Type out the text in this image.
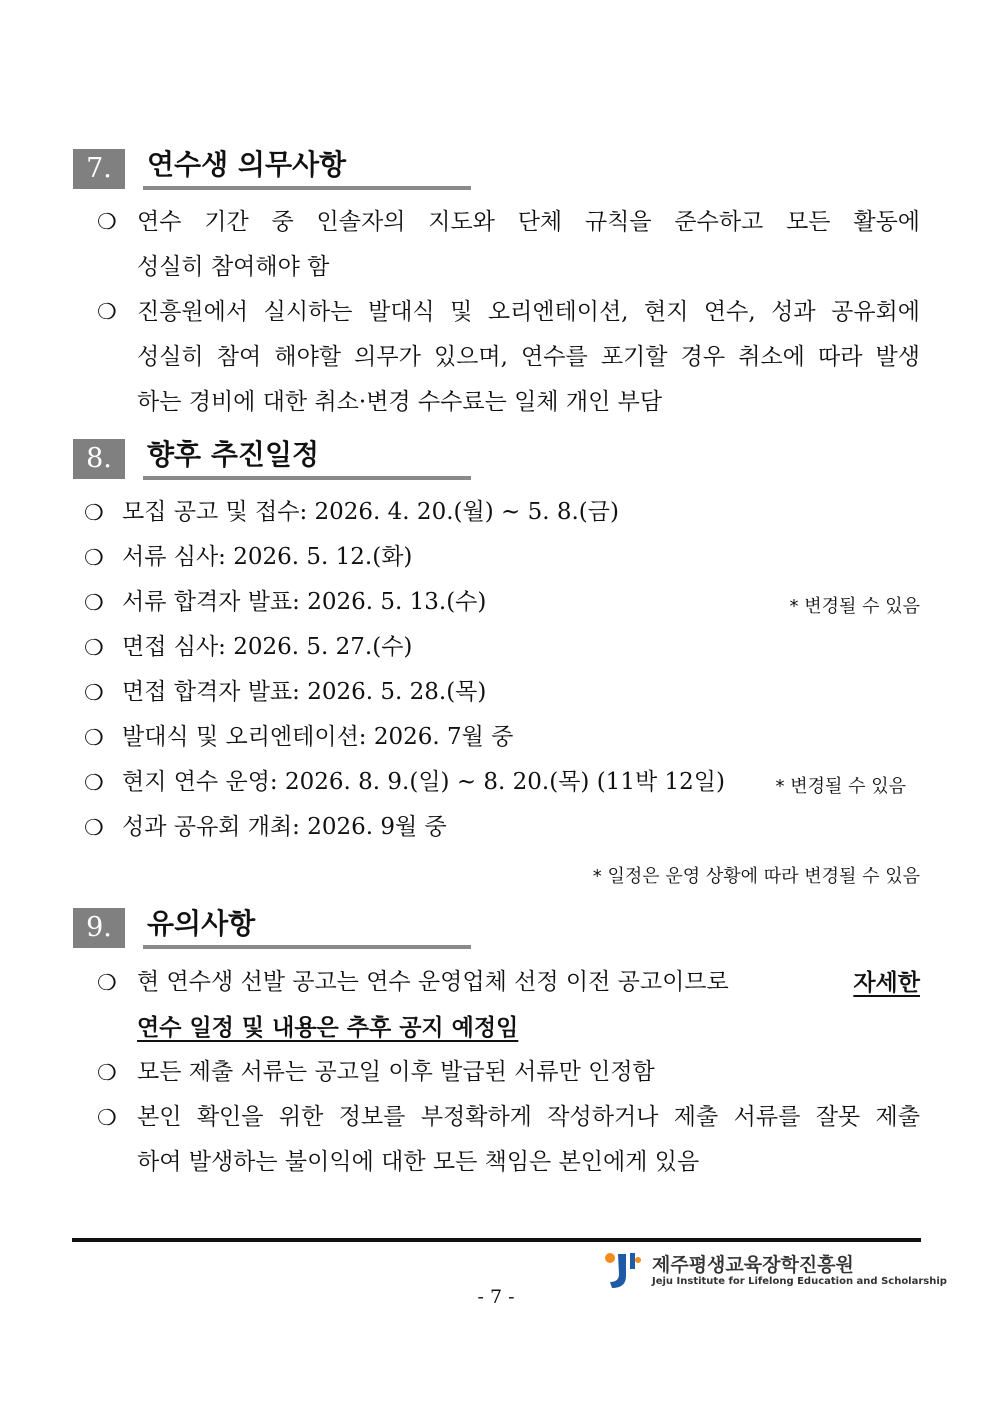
7.	연수생 의무사항
❍ 연수 기간 중 인솔자의 지도와 단체 규칙을 준수하고 모든 활동에
성실히 참여해야 함
❍ 진흥원에서 실시하는 발대식 및 오리엔테이션, 현지 연수, 성과 공유회에
성실히 참여 해야할 의무가 있으며, 연수를 포기할 경우 취소에 따라 발생
하는 경비에 대한 취소·변경 수수료는 일체 개인 부담
8.	향후 추진일정
❍ 모집 공고 및 접수: 2026. 4. 20.(월) ~ 5. 8.(금)
❍ 서류 심사: 2026. 5. 12.(화)
❍ 서류 합격자 발표: 2026. 5. 13.(수)	* 변경될 수 있음
❍ 면접 심사: 2026. 5. 27.(수)
❍ 면접 합격자 발표: 2026. 5. 28.(목)
❍ 발대식 및 오리엔테이션: 2026. 7월 중
❍ 현지 연수 운영: 2026. 8. 9.(일) ~ 8. 20.(목) (11박 12일)	* 변경될 수 있음
❍ 성과 공유회 개최: 2026. 9월 중
* 일정은 운영 상황에 따라 변경될 수 있음
9.	유의사항
❍ 현 연수생 선발 공고는 연수 운영업체 선정 이전 공고이므로	자세한
연수 일정 및 내용은 추후 공지 예정임
❍ 모든 제출 서류는 공고일 이후 발급된 서류만 인정함
❍ 본인 확인을 위한 정보를 부정확하게 작성하거나 제출 서류를 잘못 제출
하여 발생하는 불이익에 대한 모든 책임은 본인에게 있음
제주평생교육장학진흥원
Jeju Institute for Lifelong Education and Scholarship
- 7 -
